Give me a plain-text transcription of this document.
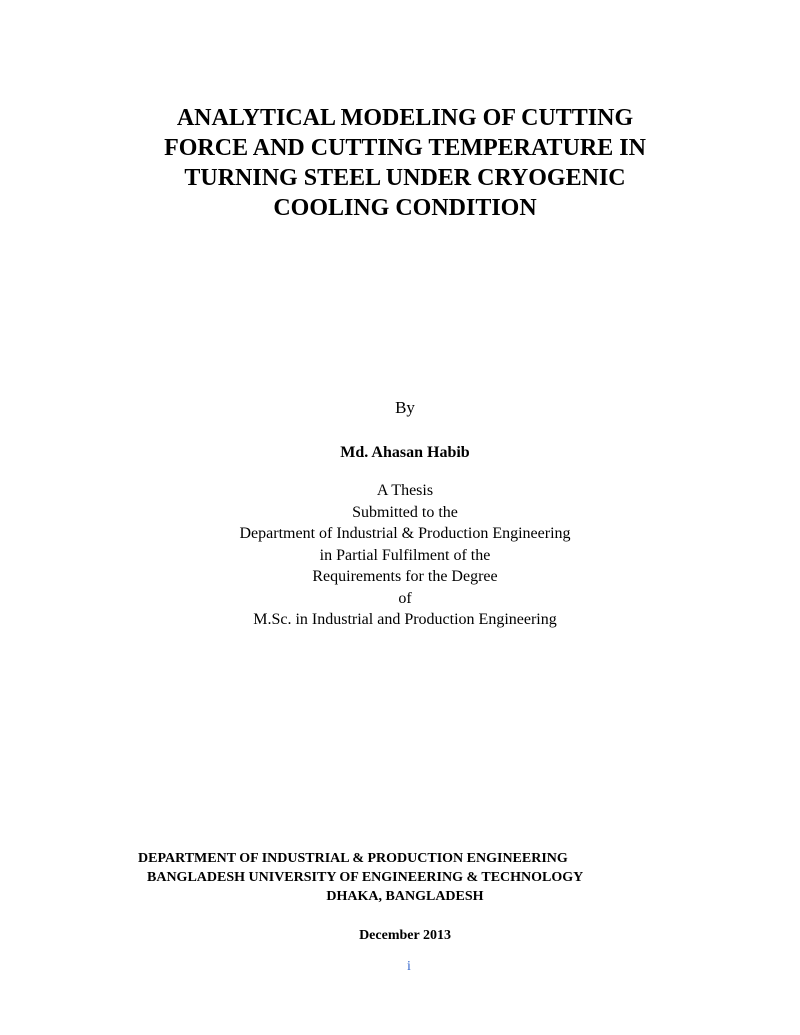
ANALYTICAL MODELING OF CUTTING
FORCE AND CUTTING TEMPERATURE IN
TURNING STEEL UNDER CRYOGENIC
COOLING CONDITION
By
Md. Ahasan Habib
A Thesis
Submitted to the
Department of Industrial & Production Engineering
in Partial Fulfilment of the
Requirements for the Degree
of
M.Sc. in Industrial and Production Engineering
DEPARTMENT OF INDUSTRIAL & PRODUCTION ENGINEERING
BANGLADESH UNIVERSITY OF ENGINEERING & TECHNOLOGY
DHAKA, BANGLADESH
December 2013
i
